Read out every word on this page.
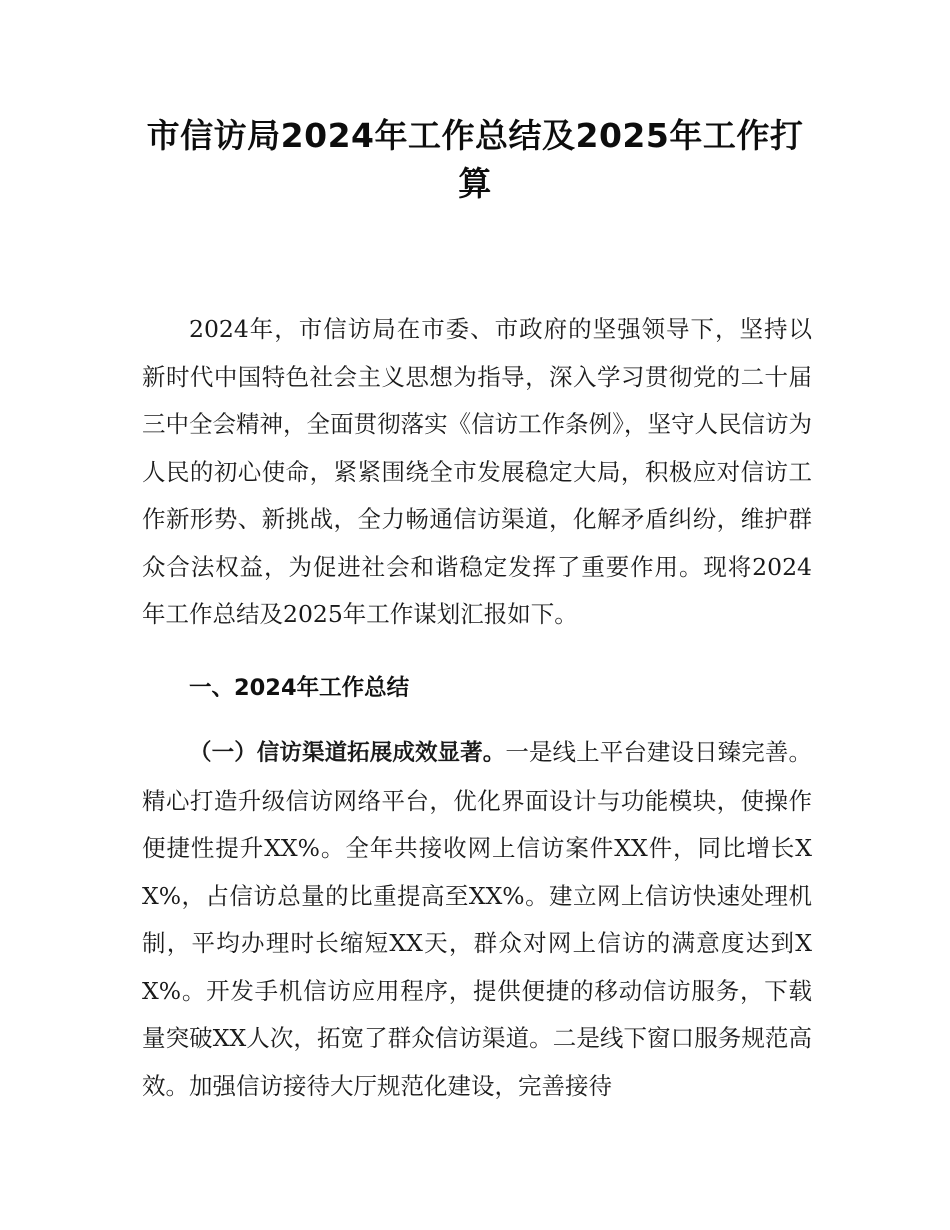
市信访局2024年工作总结及2025年工作打算
2024年，市信访局在市委、市政府的坚强领导下，坚持以新时代中国特色社会主义思想为指导，深入学习贯彻党的二十届三中全会精神，全面贯彻落实《信访工作条例》，坚守人民信访为人民的初心使命，紧紧围绕全市发展稳定大局，积极应对信访工作新形势、新挑战，全力畅通信访渠道，化解矛盾纠纷，维护群众合法权益，为促进社会和谐稳定发挥了重要作用。现将2024年工作总结及2025年工作谋划汇报如下。
一、2024年工作总结
（一）信访渠道拓展成效显著。一是线上平台建设日臻完善。精心打造升级信访网络平台，优化界面设计与功能模块，使操作便捷性提升XX%。全年共接收网上信访案件XX件，同比增长XX%，占信访总量的比重提高至XX%。建立网上信访快速处理机制，平均办理时长缩短XX天，群众对网上信访的满意度达到XX%。开发手机信访应用程序，提供便捷的移动信访服务，下载量突破XX人次，拓宽了群众信访渠道。二是线下窗口服务规范高效。加强信访接待大厅规范化建设，完善接待
